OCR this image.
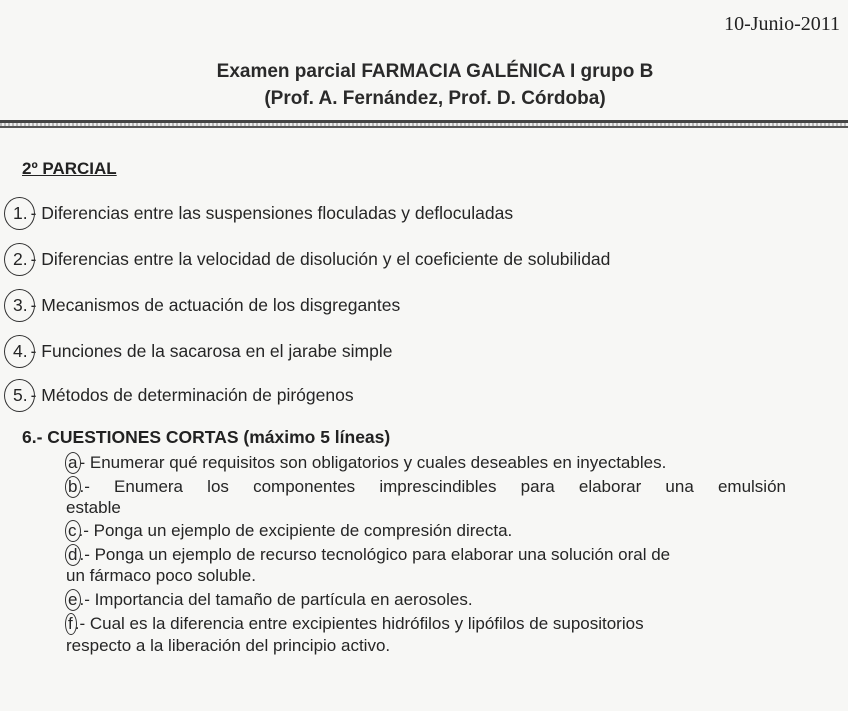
10-Junio-2011
Examen parcial FARMACIA GALÉNICA I grupo B
(Prof. A. Fernández, Prof. D. Córdoba)
2º PARCIAL
1. - Diferencias entre las suspensiones floculadas y defloculadas
2. - Diferencias entre la velocidad de disolución y el coeficiente de solubilidad
3. - Mecanismos de actuación de los disgregantes
4. - Funciones de la sacarosa en el jarabe simple
5. - Métodos de determinación de pirógenos
6.- CUESTIONES CORTAS (máximo 5 líneas)
a - Enumerar qué requisitos son obligatorios y cuales deseables en inyectables.
b .- Enumera los componentes imprescindibles para elaborar una emulsión
estable
c .- Ponga un ejemplo de excipiente de compresión directa.
d .- Ponga un ejemplo de recurso tecnológico para elaborar una solución oral de
un fármaco poco soluble.
e .- Importancia del tamaño de partícula en aerosoles.
f .- Cual es la diferencia entre excipientes hidrófilos y lipófilos de supositorios
respecto a la liberación del principio activo.
